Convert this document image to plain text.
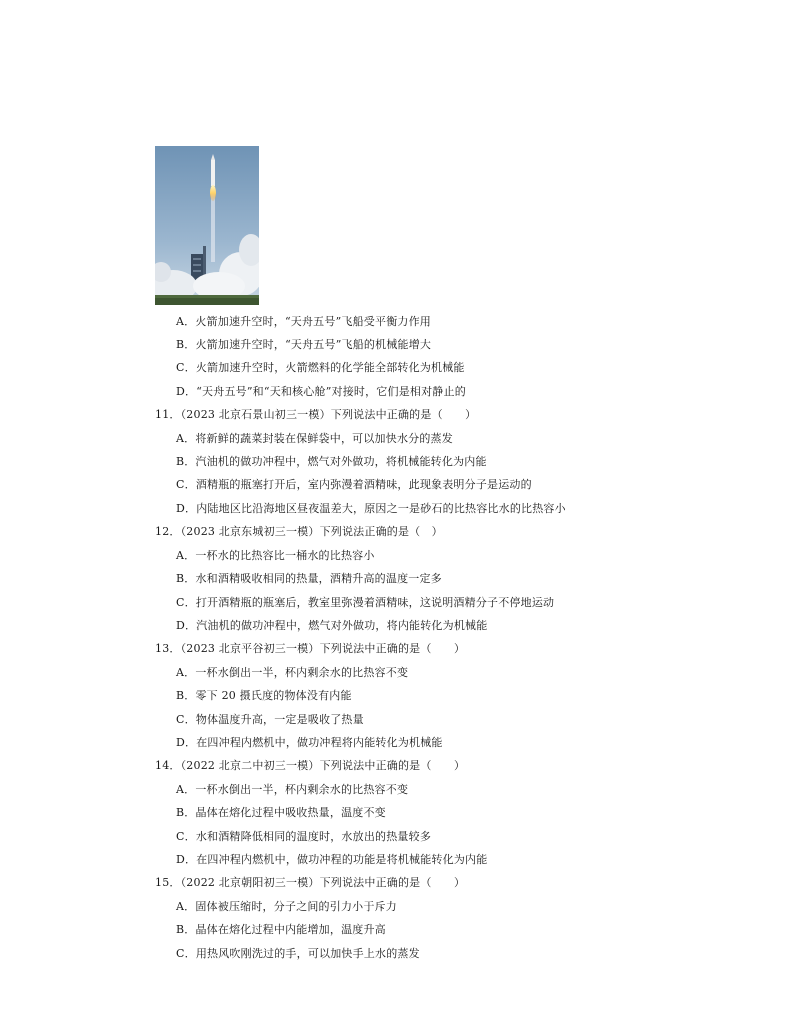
A．火箭加速升空时，“天舟五号”飞船受平衡力作用
B．火箭加速升空时，“天舟五号”飞船的机械能增大
C．火箭加速升空时，火箭燃料的化学能全部转化为机械能
D．“天舟五号”和“天和核心舱”对接时，它们是相对静止的
11．（2023 北京石景山初三一模）下列说法中正确的是（　　）
A．将新鲜的蔬菜封装在保鲜袋中，可以加快水分的蒸发
B．汽油机的做功冲程中，燃气对外做功，将机械能转化为内能
C．酒精瓶的瓶塞打开后，室内弥漫着酒精味，此现象表明分子是运动的
D．内陆地区比沿海地区昼夜温差大，原因之一是砂石的比热容比水的比热容小
12．（2023 北京东城初三一模）下列说法正确的是（　）
A．一杯水的比热容比一桶水的比热容小
B．水和酒精吸收相同的热量，酒精升高的温度一定多
C．打开酒精瓶的瓶塞后，教室里弥漫着酒精味，这说明酒精分子不停地运动
D．汽油机的做功冲程中，燃气对外做功，将内能转化为机械能
13．（2023 北京平谷初三一模）下列说法中正确的是（　　）
A．一杯水倒出一半，杯内剩余水的比热容不变
B．零下 20 摄氏度的物体没有内能
C．物体温度升高，一定是吸收了热量
D．在四冲程内燃机中，做功冲程将内能转化为机械能
14．（2022 北京二中初三一模）下列说法中正确的是（　　）
A．一杯水倒出一半，杯内剩余水的比热容不变
B．晶体在熔化过程中吸收热量，温度不变
C．水和酒精降低相同的温度时，水放出的热量较多
D．在四冲程内燃机中，做功冲程的功能是将机械能转化为内能
15．（2022 北京朝阳初三一模）下列说法中正确的是（　　）
A．固体被压缩时，分子之间的引力小于斥力
B．晶体在熔化过程中内能增加，温度升高
C．用热风吹刚洗过的手，可以加快手上水的蒸发
